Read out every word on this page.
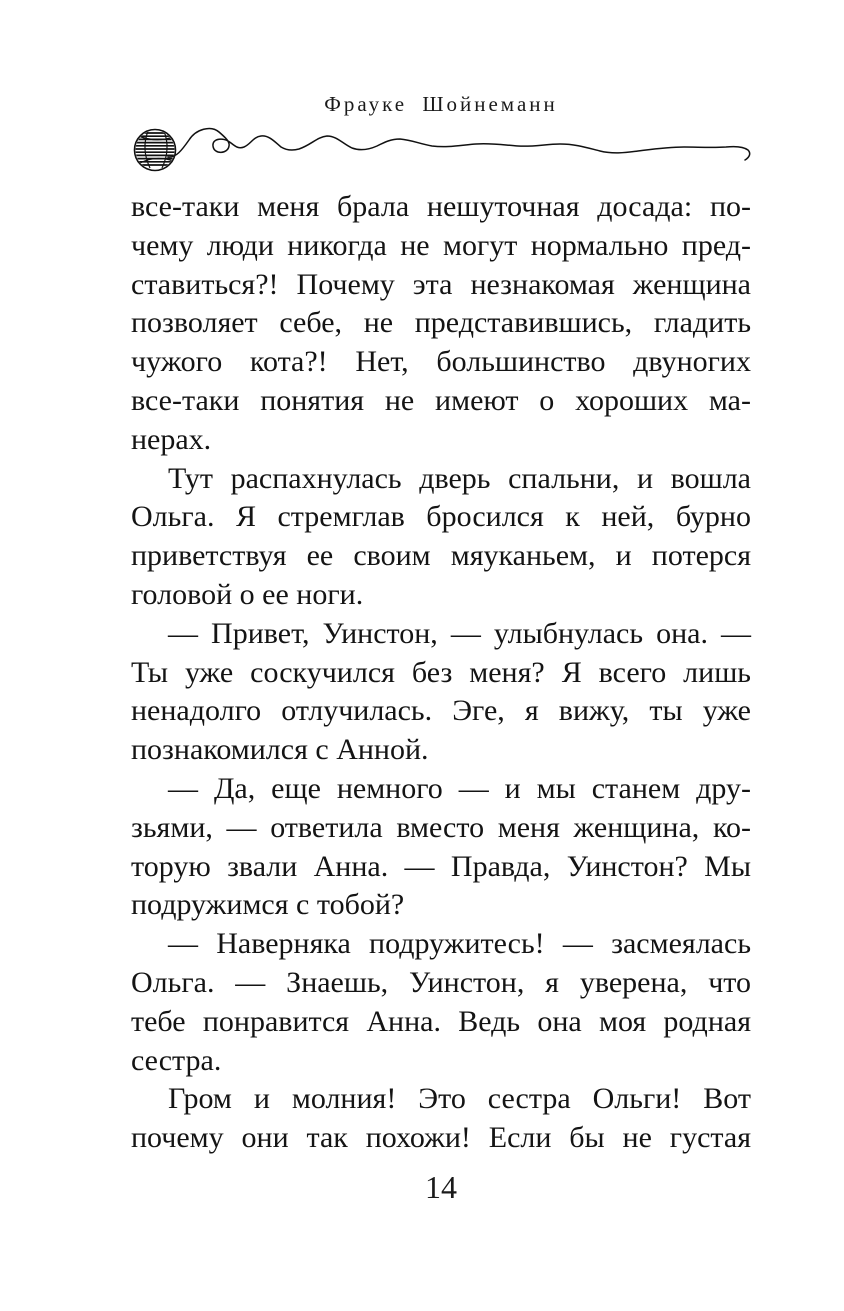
Фрауке Шойнеманн
все-таки меня брала нешуточная досада: по-
чему люди никогда не могут нормально пред-
ставиться?! Почему эта незнакомая женщина
позволяет себе, не представившись, гладить
чужого кота?! Нет, большинство двуногих
все-таки понятия не имеют о хороших ма-
нерах.
Тут распахнулась дверь спальни, и вошла
Ольга. Я стремглав бросился к ней, бурно
приветствуя ее своим мяуканьем, и потерся
головой о ее ноги.
— Привет, Уинстон, — улыбнулась она. —
Ты уже соскучился без меня? Я всего лишь
ненадолго отлучилась. Эге, я вижу, ты уже
познакомился с Анной.
— Да, еще немного — и мы станем дру-
зьями, — ответила вместо меня женщина, ко-
торую звали Анна. — Правда, Уинстон? Мы
подружимся с тобой?
— Наверняка подружитесь! — засмеялась
Ольга. — Знаешь, Уинстон, я уверена, что
тебе понравится Анна. Ведь она моя родная
сестра.
Гром и молния! Это сестра Ольги! Вот
почему они так похожи! Если бы не густая
14
